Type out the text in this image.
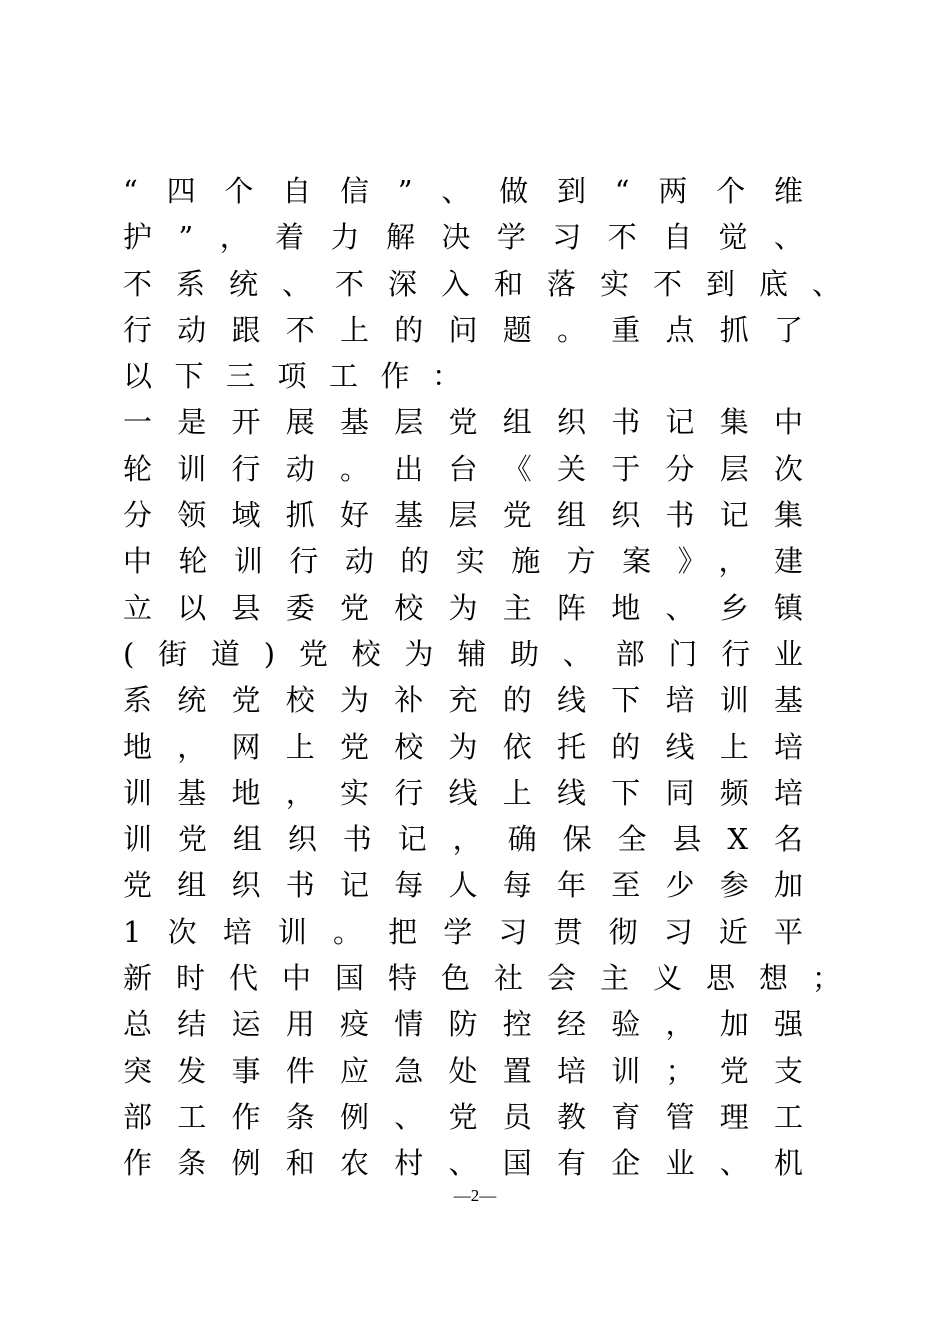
“四个自信”、做到“两个维
护”，着力解决学习不自觉、
不系统、不深入和落实不到底、
行动跟不上的问题。重点抓了
以下三项工作：
一是开展基层党组织书记集中
轮训行动。出台《关于分层次
分领域抓好基层党组织书记集
中轮训行动的实施方案》，建
立以县委党校为主阵地、乡镇
(街道)党校为辅助、部门行业
系统党校为补充的线下培训基
地，网上党校为依托的线上培
训基地，实行线上线下同频培
训党组织书记，确保全县X名
党组织书记每人每年至少参加
1次培训。把学习贯彻习近平
新时代中国特色社会主义思想；
总结运用疫情防控经验，加强
突发事件应急处置培训；党支
部工作条例、党员教育管理工
作条例和农村、国有企业、机
—2—
